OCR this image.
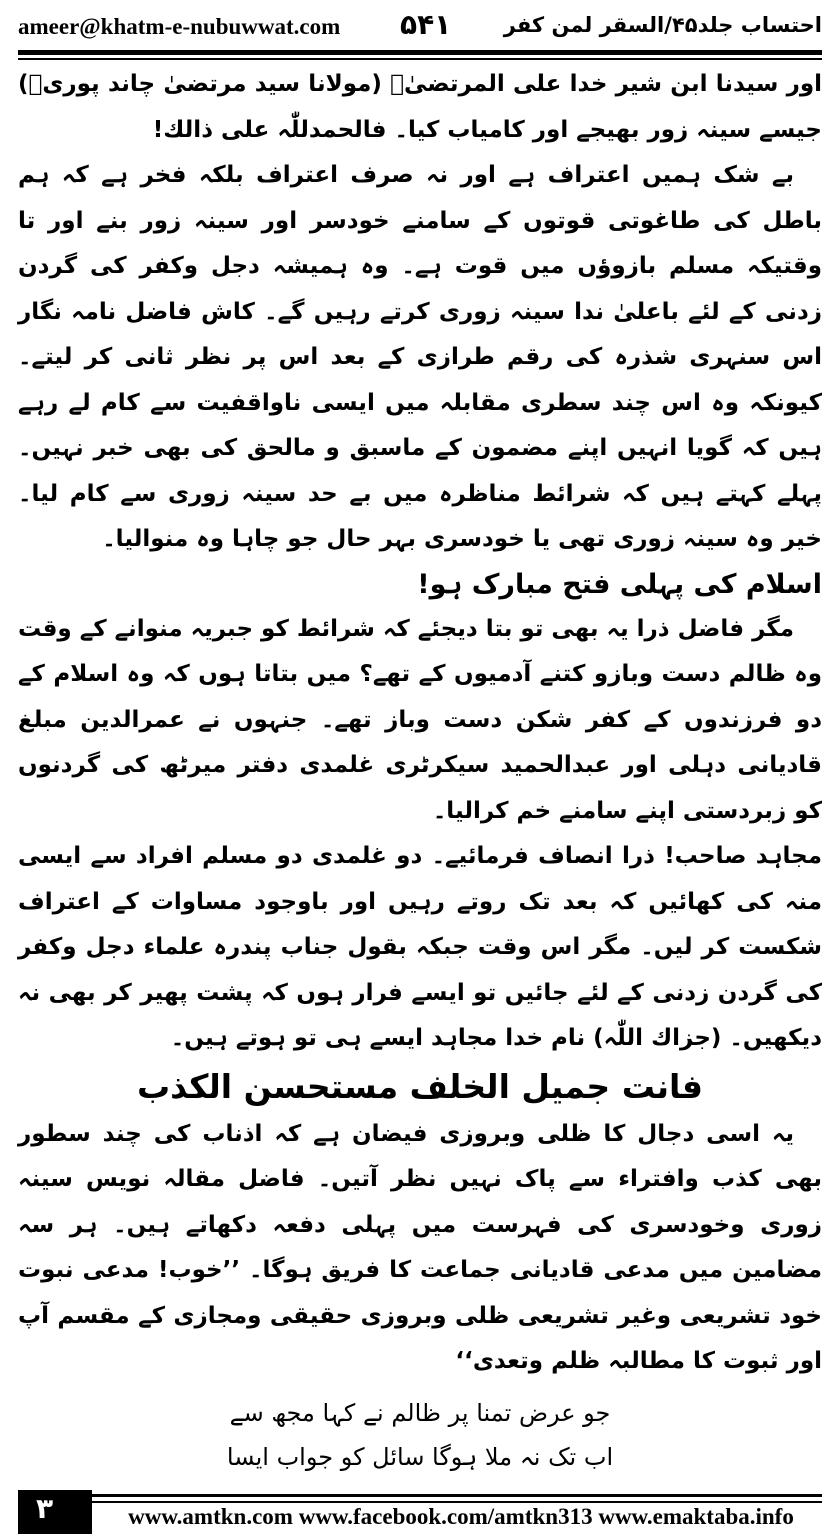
ameer@khatm-e-nubuwwat.com ۵۴۱ احتساب جلد۴۵/السقر لمن کفر

اور سیدنا ابن شیر خدا علی المرتضیٰؓ (مولانا سید مرتضیٰ چاند پوریؒ) جیسے سینہ زور بھیجے اور کامیاب کیا۔ فالحمدللّٰہ علی ذالك!

بے شک ہمیں اعتراف ہے اور نہ صرف اعتراف بلکہ فخر ہے کہ ہم باطل کی طاغوتی قوتوں کے سامنے خودسر اور سینہ زور بنے اور تا وقتیکہ مسلم بازوؤں میں قوت ہے۔ وہ ہمیشہ دجل وکفر کی گردن زدنی کے لئے باعلیٰ ندا سینہ زوری کرتے رہیں گے۔ کاش فاضل نامہ نگار اس سنہری شذرہ کی رقم طرازی کے بعد اس پر نظر ثانی کر لیتے۔ کیونکہ وہ اس چند سطری مقابلہ میں ایسی ناواقفیت سے کام لے رہے ہیں کہ گویا انہیں اپنے مضمون کے ماسبق و مالحق کی بھی خبر نہیں۔ پہلے کہتے ہیں کہ شرائط مناظرہ میں بے حد سینہ زوری سے کام لیا۔ خیر وہ سینہ زوری تھی یا خودسری بہر حال جو چاہا وہ منوالیا۔

اسلام کی پہلی فتح مبارک ہو!

مگر فاضل ذرا یہ بھی تو بتا دیجئے کہ شرائط کو جبریہ منوانے کے وقت وہ ظالم دست وبازو کتنے آدمیوں کے تھے؟ میں بتاتا ہوں کہ وہ اسلام کے دو فرزندوں کے کفر شکن دست وباز تھے۔ جنہوں نے عمرالدین مبلغ قادیانی دہلی اور عبدالحمید سیکرٹری غلمدی دفتر میرٹھ کی گردنوں کو زبردستی اپنے سامنے خم کرالیا۔

مجاہد صاحب! ذرا انصاف فرمائیے۔ دو غلمدی دو مسلم افراد سے ایسی منہ کی کھائیں کہ بعد تک روتے رہیں اور باوجود مساوات کے اعتراف شکست کر لیں۔ مگر اس وقت جبکہ بقول جناب پندرہ علماء دجل وکفر کی گردن زدنی کے لئے جائیں تو ایسے فرار ہوں کہ پشت پھیر کر بھی نہ دیکھیں۔ (جزاك اللّٰہ) نام خدا مجاہد ایسے ہی تو ہوتے ہیں۔

فانت جمیل الخلف مستحسن الكذب

یہ اسی دجال کا ظلی وبروزی فیضان ہے کہ اذناب کی چند سطور بھی کذب وافتراء سے پاک نہیں نظر آتیں۔ فاضل مقالہ نویس سینہ زوری وخودسری کی فہرست میں پہلی دفعہ دکھاتے ہیں۔ ہر سہ مضامین میں مدعی قادیانی جماعت کا فریق ہوگا۔ ’’خوب! مدعی نبوت خود تشریعی وغیر تشریعی ظلی وبروزی حقیقی ومجازی کے مقسم آپ اور ثبوت کا مطالبہ ظلم وتعدی‘‘

جو عرض تمنا پر ظالم نے کہا مجھ سے
اب تک نہ ملا ہوگا سائل کو جواب ایسا
۳	www.amtkn.com www.facebook.com/amtkn313 www.emaktaba.info
